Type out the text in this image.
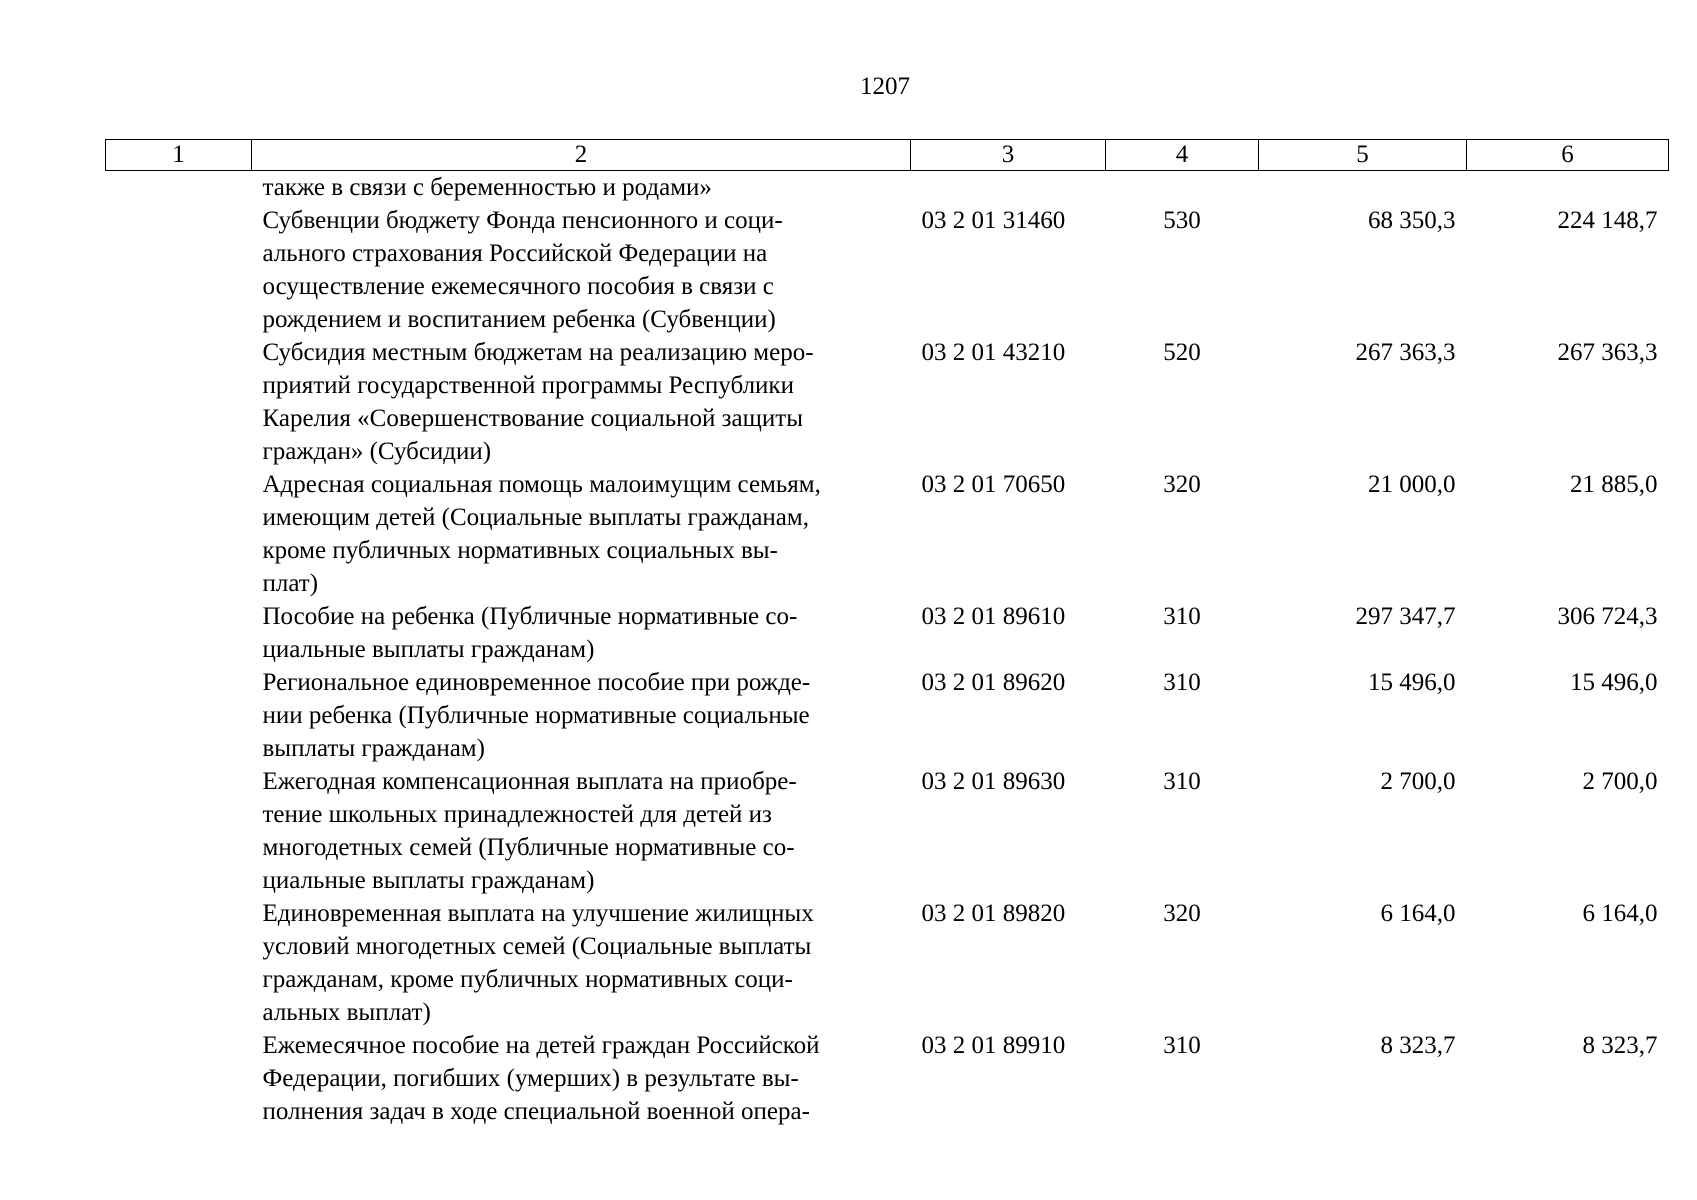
1207
1	2	3	4	5	6

	также в связи с беременностью и родами»				

	Субвенции бюджету Фонда пенсионного и соци-
ального страхования Российской Федерации на
осуществление ежемесячного пособия в связи с
рождением и воспитанием ребенка (Субвенции)	03 2 01 31460	530	68 350,3	224 148,7

	Субсидия местным бюджетам на реализацию меро-
приятий государственной программы Республики
Карелия «Совершенствование социальной защиты
граждан» (Субсидии)	03 2 01 43210	520	267 363,3	267 363,3

	Адресная социальная помощь малоимущим семьям,
имеющим детей (Социальные выплаты гражданам,
кроме публичных нормативных социальных вы-
плат)	03 2 01 70650	320	21 000,0	21 885,0

	Пособие на ребенка (Публичные нормативные со-
циальные выплаты гражданам)	03 2 01 89610	310	297 347,7	306 724,3

	Региональное единовременное пособие при рожде-
нии ребенка (Публичные нормативные социальные
выплаты гражданам)	03 2 01 89620	310	15 496,0	15 496,0

	Ежегодная компенсационная выплата на приобре-
тение школьных принадлежностей для детей из
многодетных семей (Публичные нормативные со-
циальные выплаты гражданам)	03 2 01 89630	310	2 700,0	2 700,0

	Единовременная выплата на улучшение жилищных
условий многодетных семей (Социальные выплаты
гражданам, кроме публичных нормативных соци-
альных выплат)	03 2 01 89820	320	6 164,0	6 164,0

	Ежемесячное пособие на детей граждан Российской
Федерации, погибших (умерших) в результате вы-
полнения задач в ходе специальной военной опера-	03 2 01 89910	310	8 323,7	8 323,7
